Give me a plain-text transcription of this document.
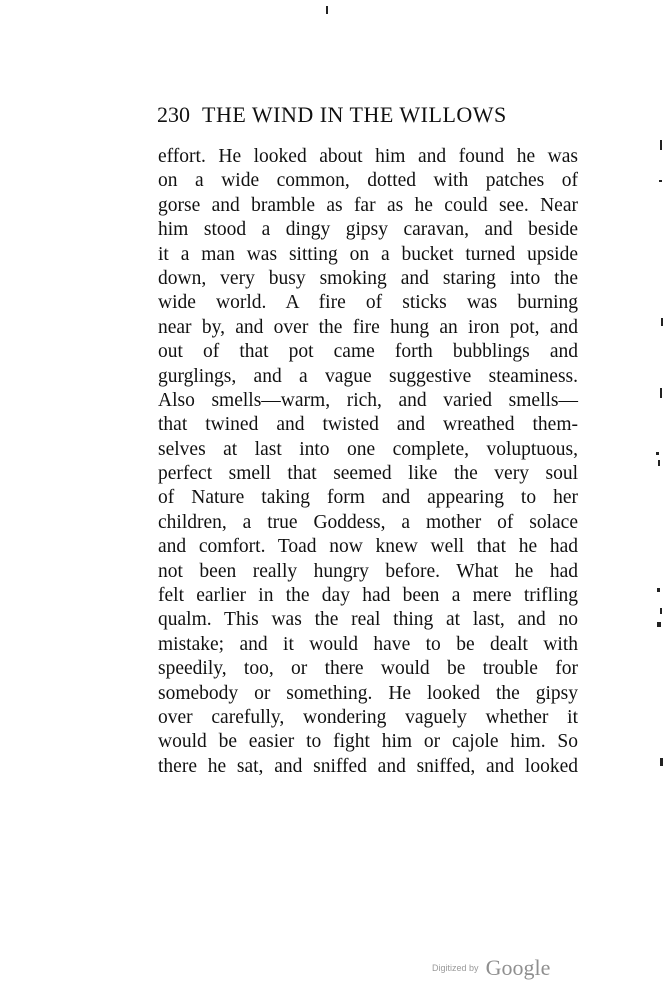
230 THE WIND IN THE WILLOWS
effort. He looked about him and found he was
on a wide common, dotted with patches of
gorse and bramble as far as he could see. Near
him stood a dingy gipsy caravan, and beside
it a man was sitting on a bucket turned upside
down, very busy smoking and staring into the
wide world. A fire of sticks was burning
near by, and over the fire hung an iron pot, and
out of that pot came forth bubblings and
gurglings, and a vague suggestive steaminess.
Also smells—warm, rich, and varied smells—
that twined and twisted and wreathed them-
selves at last into one complete, voluptuous,
perfect smell that seemed like the very soul
of Nature taking form and appearing to her
children, a true Goddess, a mother of solace
and comfort. Toad now knew well that he had
not been really hungry before. What he had
felt earlier in the day had been a mere trifling
qualm. This was the real thing at last, and no
mistake; and it would have to be dealt with
speedily, too, or there would be trouble for
somebody or something. He looked the gipsy
over carefully, wondering vaguely whether it
would be easier to fight him or cajole him. So
there he sat, and sniffed and sniffed, and looked
Digitized by Google
